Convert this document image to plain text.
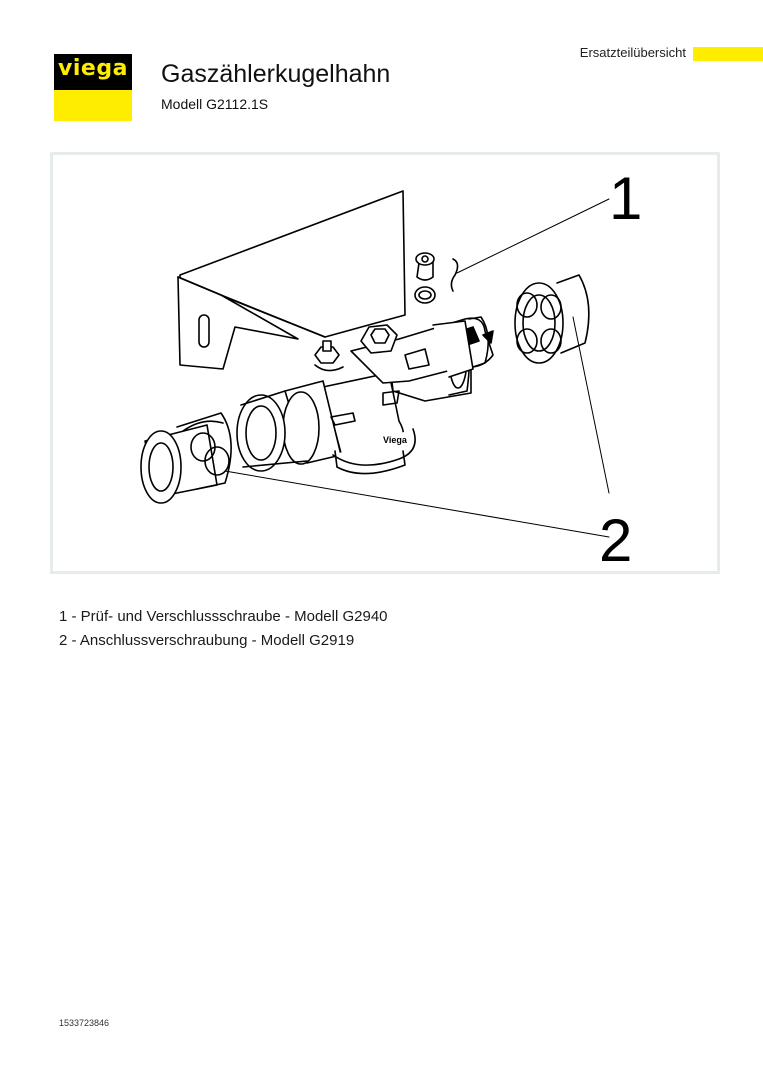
viega Gaszählerkugelhahn
Modell G2112.1S
Ersatzteilübersicht
Viega
1
2
1 - Prüf- und Verschlussschraube - Modell G2940
2 - Anschlussverschraubung - Modell G2919
1533723846
